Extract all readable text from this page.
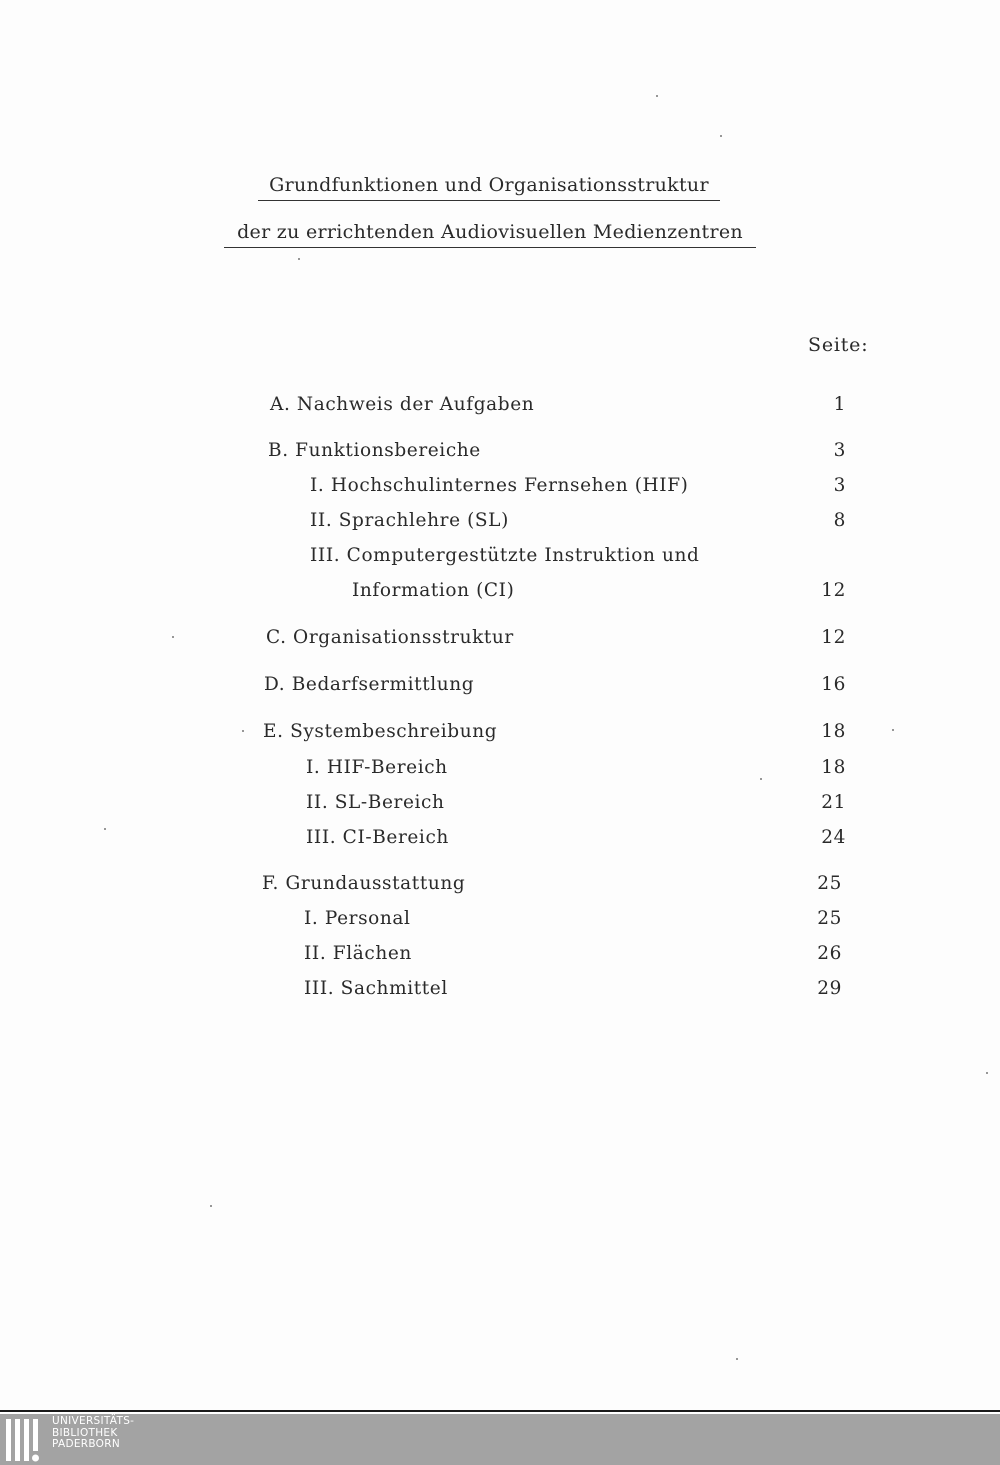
Grundfunktionen und Organisationsstruktur
der zu errichtenden Audiovisuellen Medienzentren
Seite:
A. Nachweis der Aufgaben	1
B. Funktionsbereiche	3
I. Hochschulinternes Fernsehen (HIF)	3
II. Sprachlehre (SL)	8
III. Computergestützte Instruktion und
Information (CI)	12
C. Organisationsstruktur	12
D. Bedarfsermittlung	16
E. Systembeschreibung	18
I. HIF-Bereich	18
II. SL-Bereich	21
III. CI-Bereich	24
F. Grundausstattung	25
I. Personal	25
II. Flächen	26
III. Sachmittel	29
UNIVERSITÄTS-
BIBLIOTHEK
PADERBORN
